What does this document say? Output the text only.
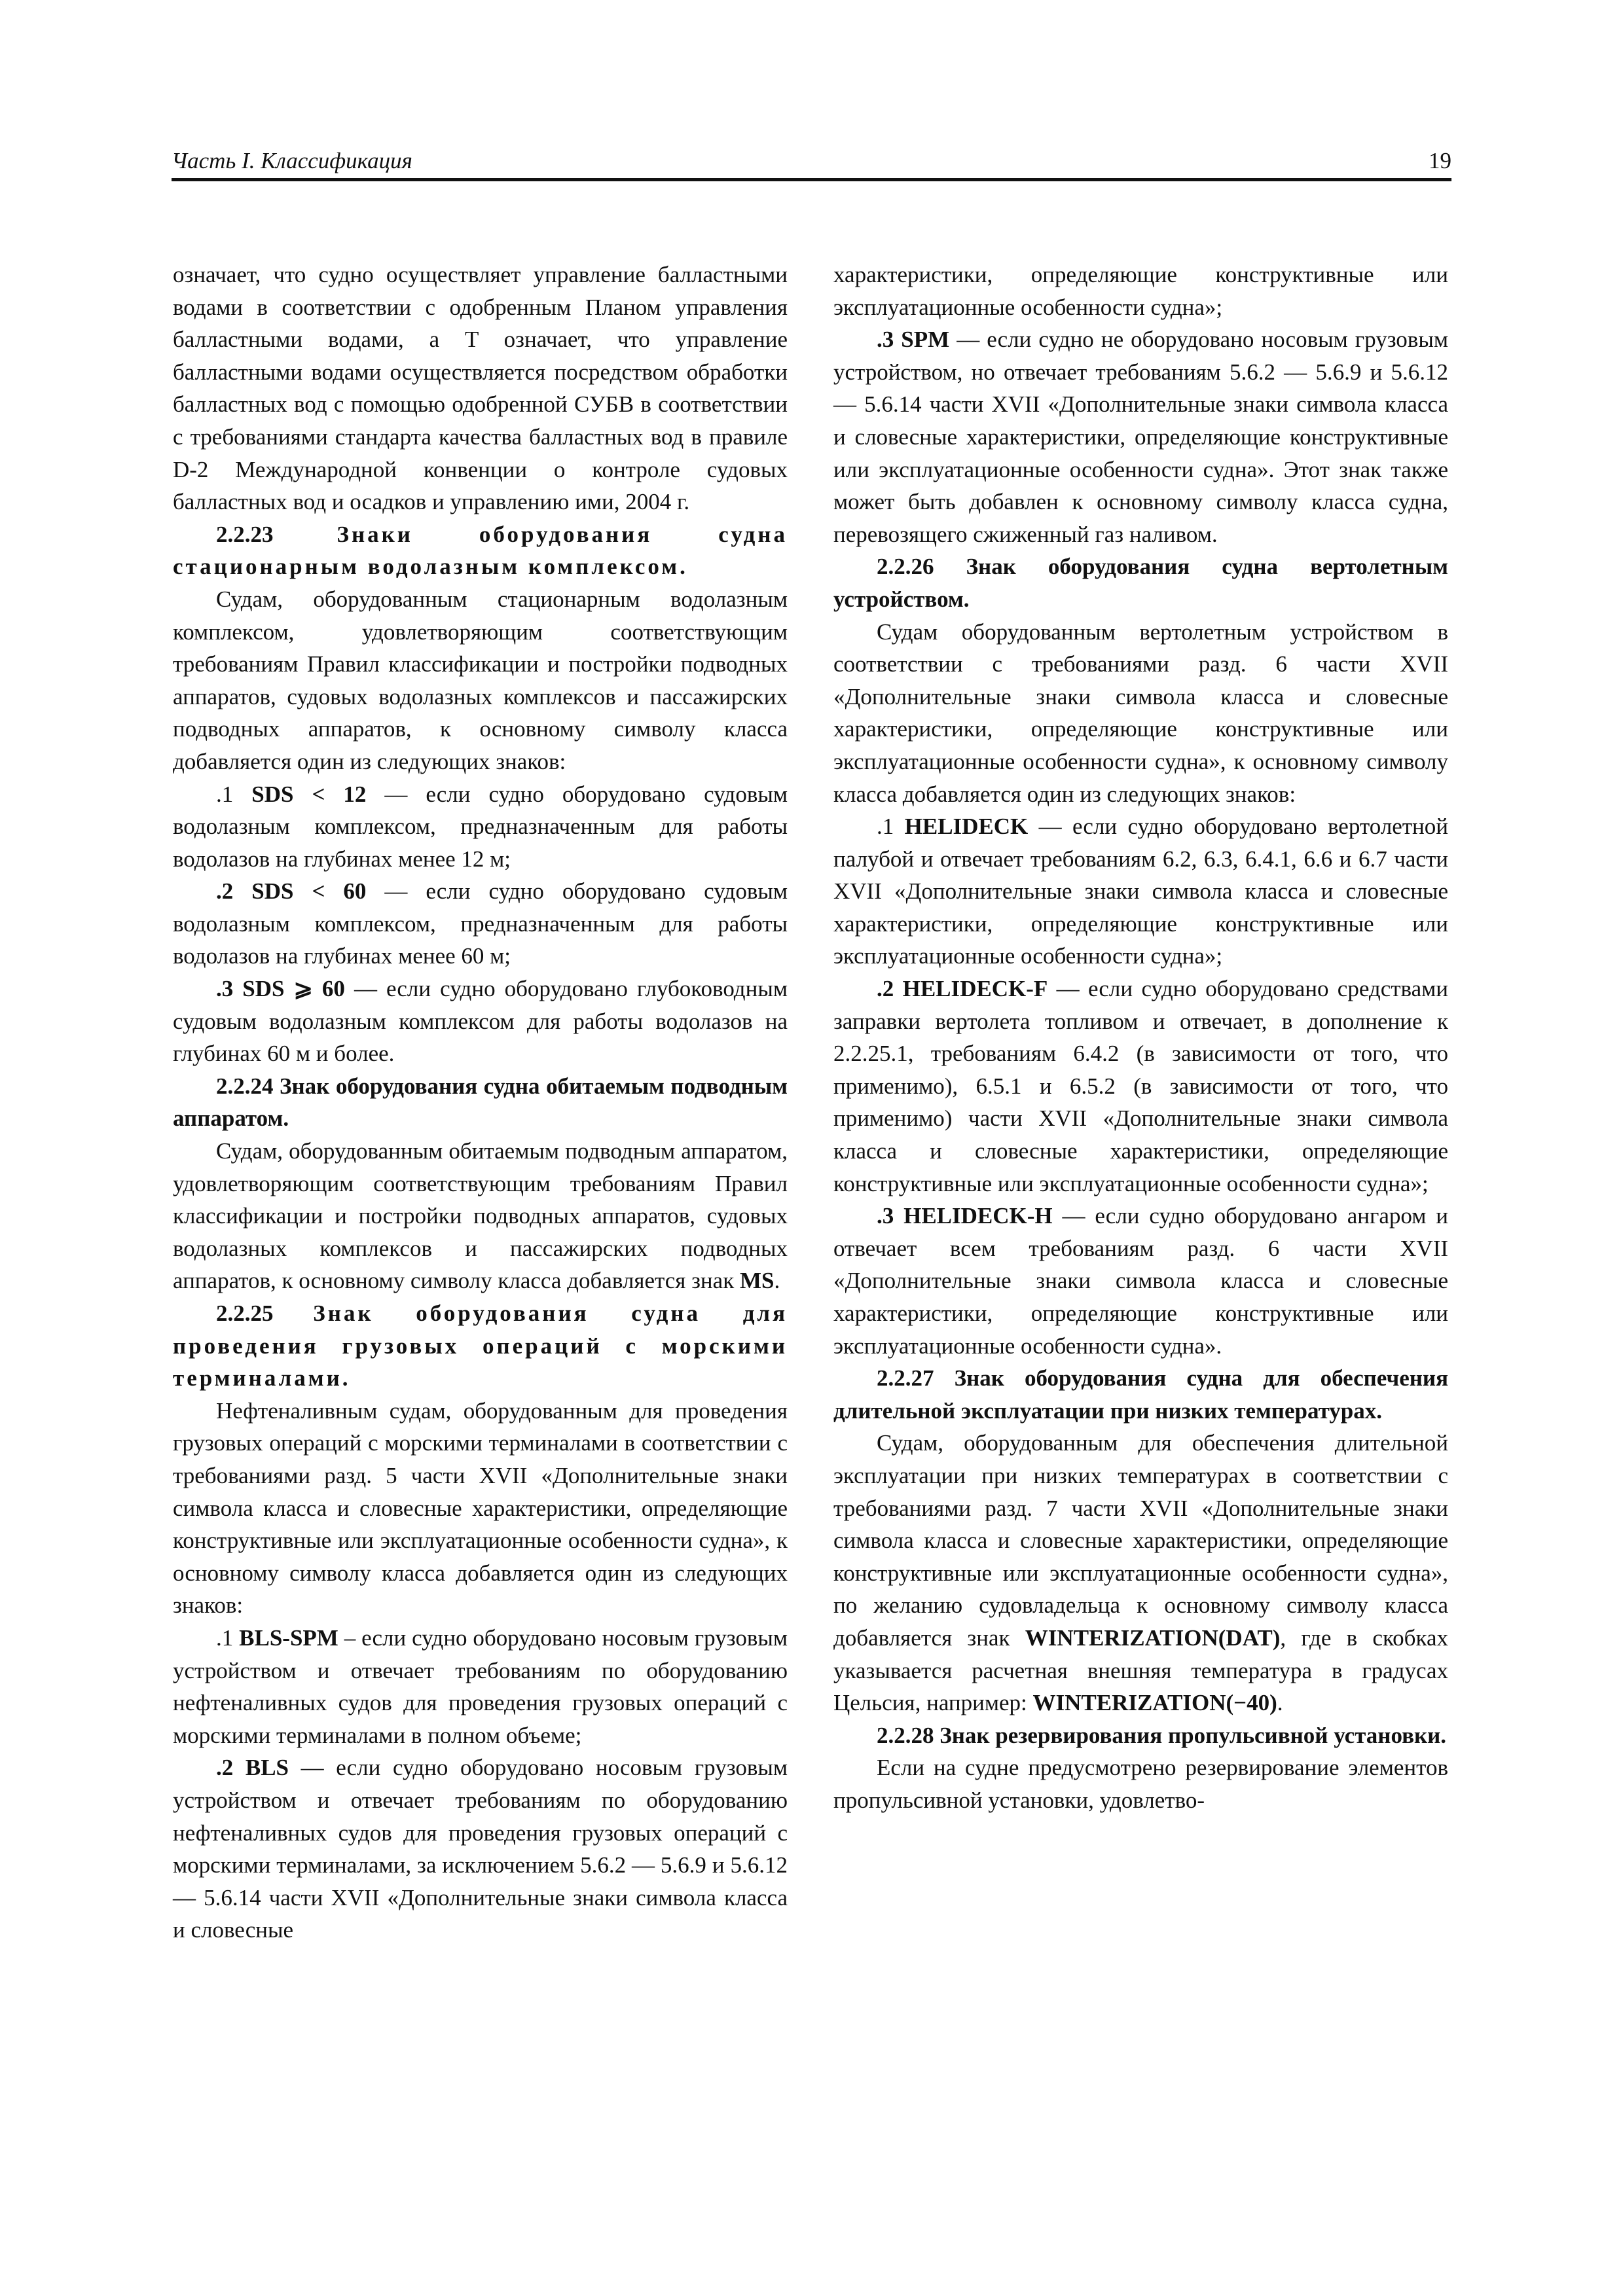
Часть I. Классификация	19

означает, что судно осуществляет управление балластными водами в соответствии с одобренным Планом управления балластными водами, а T означает, что управление балластными водами осуществляется посредством обработки балластных вод с помощью одобренной СУБВ в соответствии с требованиями стандарта качества балластных вод в правиле D-2 Международной конвенции о контроле судовых балластных вод и осадков и управлению ими, 2004 г.

2.2.23	Знаки оборудования судна стационарным водолазным комплексом.

Судам, оборудованным стационарным водолазным комплексом, удовлетворяющим соответствующим требованиям Правил классификации и постройки подводных аппаратов, судовых водолазных комплексов и пассажирских подводных аппаратов, к основному символу класса добавляется один из следующих знаков:

.1 SDS < 12 — если судно оборудовано судовым водолазным комплексом, предназначенным для работы водолазов на глубинах менее 12 м;

.2 SDS < 60 — если судно оборудовано судовым водолазным комплексом, предназначенным для работы водолазов на глубинах менее 60 м;

.3 SDS ⩾ 60 — если судно оборудовано глубоководным судовым водолазным комплексом для работы водолазов на глубинах 60 м и более.

2.2.24 Знак оборудования судна обитаемым подводным аппаратом.

Судам, оборудованным обитаемым подводным аппаратом, удовлетворяющим соответствующим требованиям Правил классификации и постройки подводных аппаратов, судовых водолазных комплексов и пассажирских подводных аппаратов, к основному символу класса добавляется знак MS.

2.2.25 Знак оборудования судна для проведения грузовых операций с морскими терминалами.

Нефтеналивным судам, оборудованным для проведения грузовых операций с морскими терминалами в соответствии с требованиями разд. 5 части XVII «Дополнительные знаки символа класса и словесные характеристики, определяющие конструктивные или эксплуатационные особенности судна», к основному символу класса добавляется один из следующих знаков:

.1 BLS-SPM – если судно оборудовано носовым грузовым устройством и отвечает требованиям по оборудованию нефтеналивных судов для проведения грузовых операций с морскими терминалами в полном объеме;

.2 BLS — если судно оборудовано носовым грузовым устройством и отвечает требованиям по оборудованию нефтеналивных судов для проведения грузовых операций с морскими терминалами, за исключением 5.6.2 — 5.6.9 и 5.6.12 — 5.6.14 части XVII «Дополнительные знаки символа класса и словесные

характеристики, определяющие конструктивные или эксплуатационные особенности судна»;

.3 SPM — если судно не оборудовано носовым грузовым устройством, но отвечает требованиям 5.6.2 — 5.6.9 и 5.6.12 — 5.6.14 части XVII «Дополнительные знаки символа класса и словесные характеристики, определяющие конструктивные или эксплуатационные особенности судна». Этот знак также может быть добавлен к основному символу класса судна, перевозящего сжиженный газ наливом.

2.2.26 Знак оборудования судна вертолетным устройством.

Судам оборудованным вертолетным устройством в соответствии с требованиями разд. 6 части XVII «Дополнительные знаки символа класса и словесные характеристики, определяющие конструктивные или эксплуатационные особенности судна», к основному символу класса добавляется один из следующих знаков:

.1 HELIDECK — если судно оборудовано вертолетной палубой и отвечает требованиям 6.2, 6.3, 6.4.1, 6.6 и 6.7 части XVII «Дополнительные знаки символа класса и словесные характеристики, определяющие конструктивные или эксплуатационные особенности судна»;

.2 HELIDECK-F — если судно оборудовано средствами заправки вертолета топливом и отвечает, в дополнение к 2.2.25.1, требованиям 6.4.2 (в зависимости от того, что применимо), 6.5.1 и 6.5.2 (в зависимости от того, что применимо) части XVII «Дополнительные знаки символа класса и словесные характеристики, определяющие конструктивные или эксплуатационные особенности судна»;

.3 HELIDECK-H — если судно оборудовано ангаром и отвечает всем требованиям разд. 6 части XVII «Дополнительные знаки символа класса и словесные характеристики, определяющие конструктивные или эксплуатационные особенности судна».

2.2.27 Знак оборудования судна для обеспечения длительной эксплуатации при низких температурах.

Судам, оборудованным для обеспечения длительной эксплуатации при низких температурах в соответствии с требованиями разд. 7 части XVII «Дополнительные знаки символа класса и словесные характеристики, определяющие конструктивные или эксплуатационные особенности судна», по желанию судовладельца к основному символу класса добавляется знак WINTERIZATION(DAT), где в скобках указывается расчетная внешняя температура в градусах Цельсия, например: WINTERIZATION(−40).

2.2.28 Знак резервирования пропульсивной установки.

Если на судне предусмотрено резервирование элементов пропульсивной установки, удовлетво-
